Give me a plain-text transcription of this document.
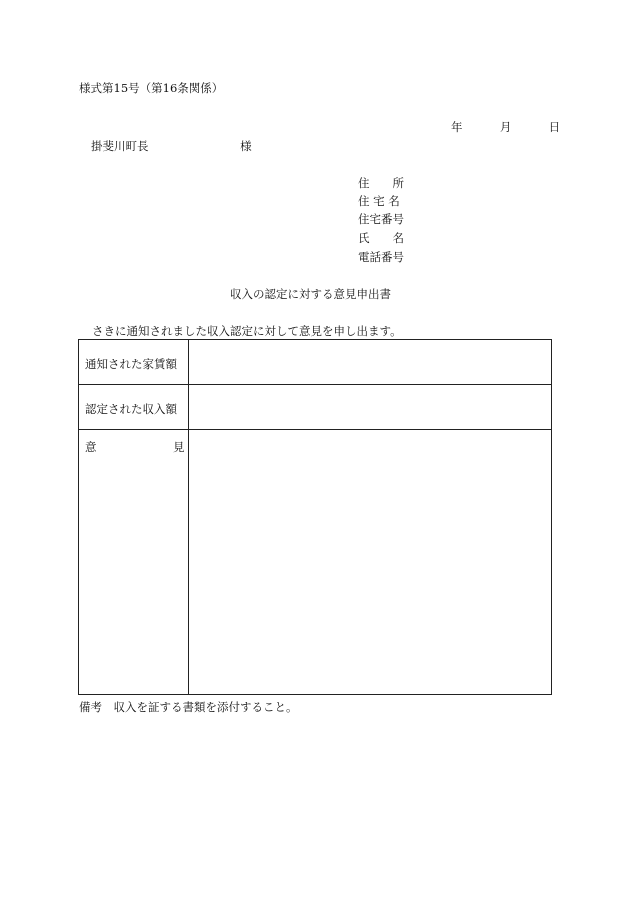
様式第15号（第16条関係）
年	月	日
掛斐川町長	様
住　　所
住 宅 名
住宅番号
氏　　名
電話番号
収入の認定に対する意見申出書
さきに通知されました収入認定に対して意見を申し出ます。
通知された家賃額
認定された収入額
意	見
備考　収入を証する書類を添付すること。
